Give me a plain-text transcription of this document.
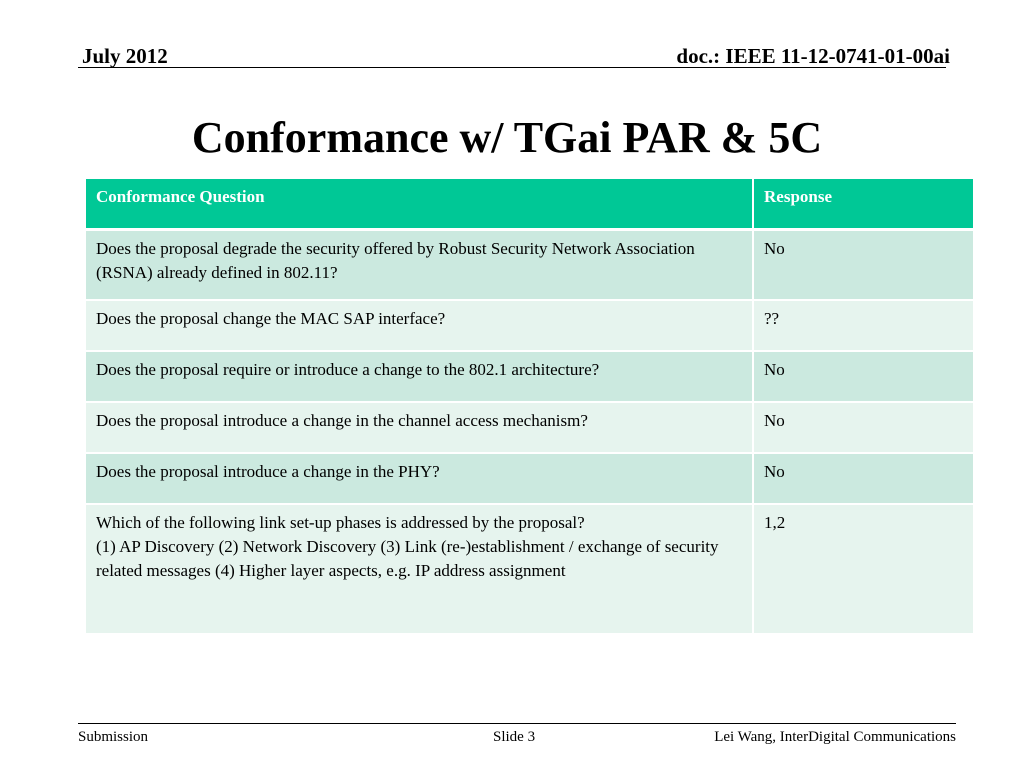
July 2012	doc.: IEEE 11-12-0741-01-00ai
Conformance w/ TGai PAR & 5C
Conformance Question	Response
Does the proposal degrade the security offered by Robust Security Network Association (RSNA) already defined in 802.11?	No
Does the proposal change the MAC SAP interface?	??
Does the proposal require or introduce a change to the 802.1 architecture?	No
Does the proposal introduce a change in the channel access mechanism?	No
Does the proposal introduce a change in the PHY?	No

Which of the following link set-up phases is addressed by the proposal?
(1) AP Discovery (2) Network Discovery (3) Link (re-)establishment / exchange of security related messages (4) Higher layer aspects, e.g. IP address assignment	1,2
Submission	Slide 3	Lei Wang, InterDigital Communications
